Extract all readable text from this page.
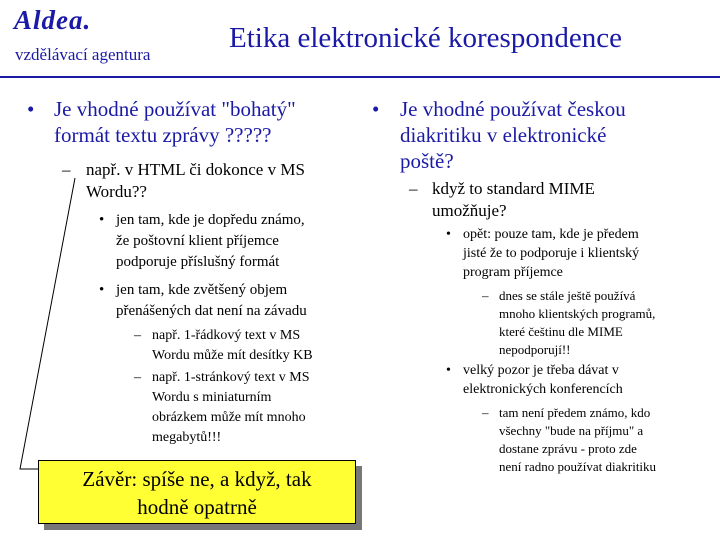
Aldea.
vzdělávací agentura
Etika elektronické korespondence
• Je vhodné používat "bohatý"
formát textu zprávy ?????
– např. v HTML či dokonce v MS
Wordu??
• jen tam, kde je dopředu známo,
že poštovní klient příjemce
podporuje příslušný formát
• jen tam, kde zvětšený objem
přenášených dat není na závadu
– např. 1-řádkový text v MS
Wordu může mít desítky KB
– např. 1-stránkový text v MS
Wordu s miniaturním
obrázkem může mít mnoho
megabytů!!!
Závěr: spíše ne, a když, tak
hodně opatrně
• Je vhodné používat českou
diakritiku v elektronické
poště?
– když to standard MIME
umožňuje?
• opět: pouze tam, kde je předem
jisté že to podporuje i klientský
program příjemce
– dnes se stále ještě používá
mnoho klientských programů,
které češtinu dle MIME
nepodporují!!
• velký pozor je třeba dávat v
elektronických konferencích
– tam není předem známo, kdo
všechny "bude na příjmu" a
dostane zprávu - proto zde
není radno používat diakritiku
